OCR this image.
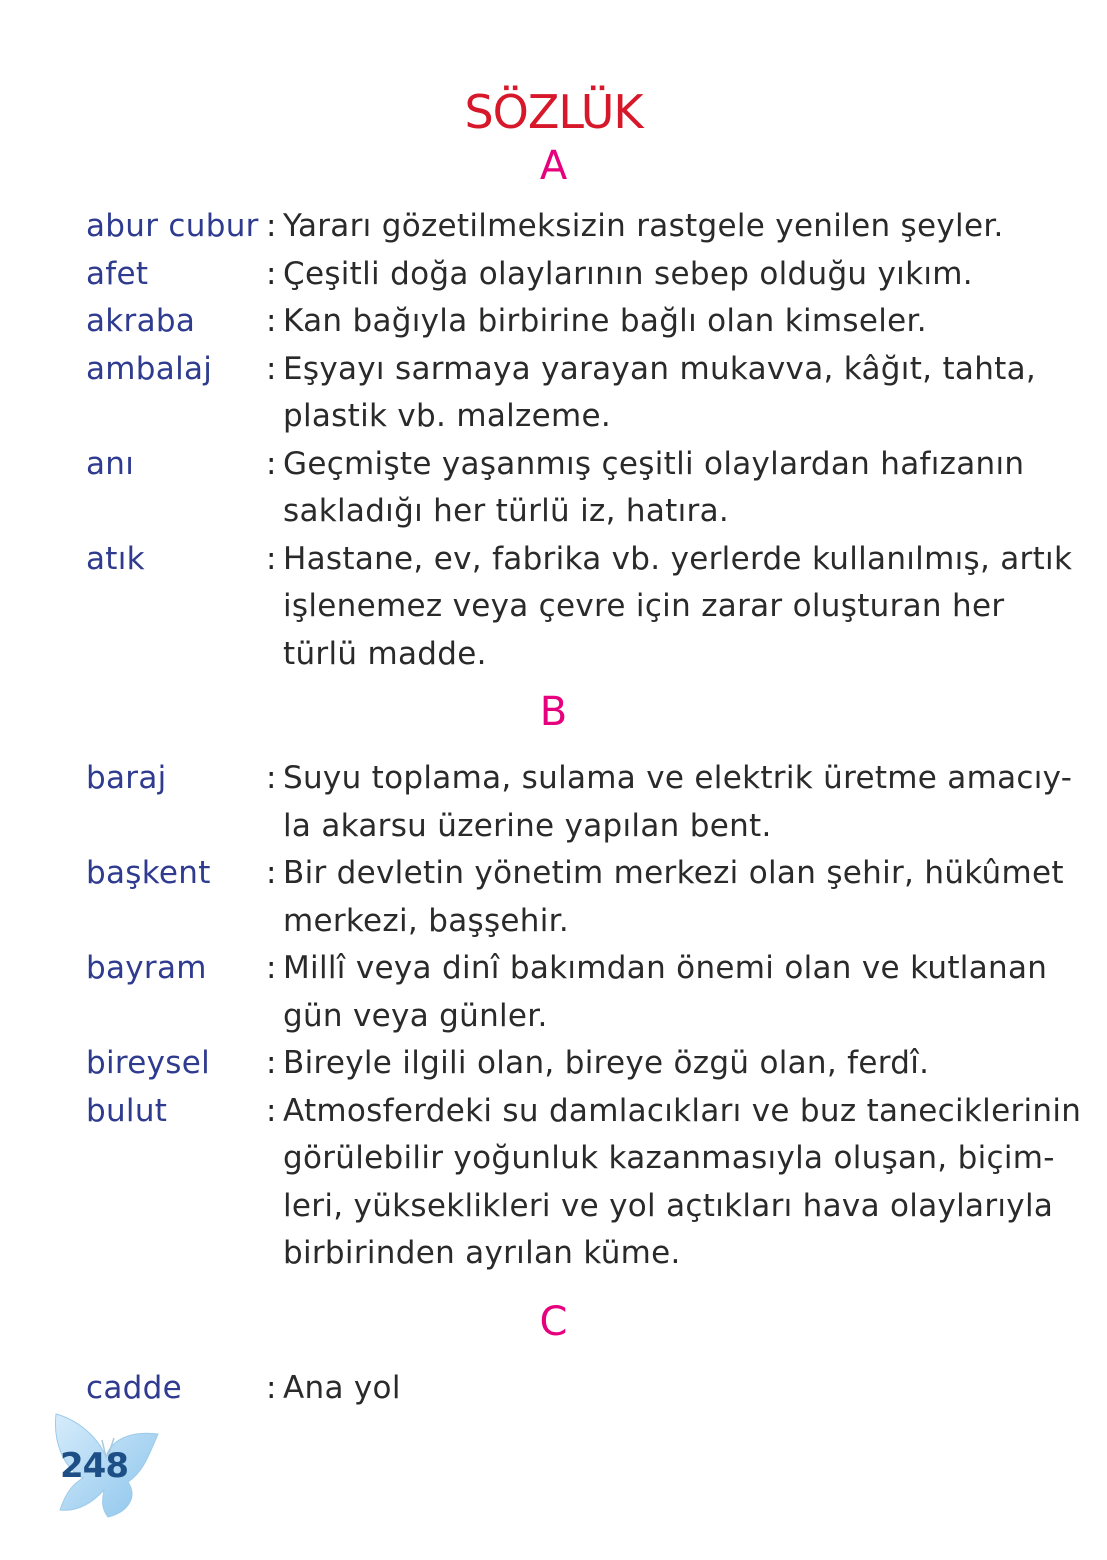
SÖZLÜK
A
abur cubur : Yararı gözetilmeksizin rastgele yenilen şeyler.
afet	: Çeşitli doğa olaylarının sebep olduğu yıkım.
akraba	: Kan bağıyla birbirine bağlı olan kimseler.
ambalaj	: Eşyayı sarmaya yarayan mukavva, kâğıt, tahta,
plastik vb. malzeme.
anı	: Geçmişte yaşanmış çeşitli olaylardan hafızanın
sakladığı her türlü iz, hatıra.
atık	: Hastane, ev, fabrika vb. yerlerde kullanılmış, artık
işlenemez veya çevre için zarar oluşturan her
türlü madde.
B
baraj	: Suyu toplama, sulama ve elektrik üretme amacıy-
la akarsu üzerine yapılan bent.
başkent	: Bir devletin yönetim merkezi olan şehir, hükûmet
merkezi, başşehir.
bayram	: Millî veya dinî bakımdan önemi olan ve kutlanan
gün veya günler.
bireysel	: Bireyle ilgili olan, bireye özgü olan, ferdî.
bulut	: Atmosferdeki su damlacıkları ve buz taneciklerinin
görülebilir yoğunluk kazanmasıyla oluşan, biçim-
leri, yükseklikleri ve yol açtıkları hava olaylarıyla
birbirinden ayrılan küme.
C
cadde	: Ana yol
248
